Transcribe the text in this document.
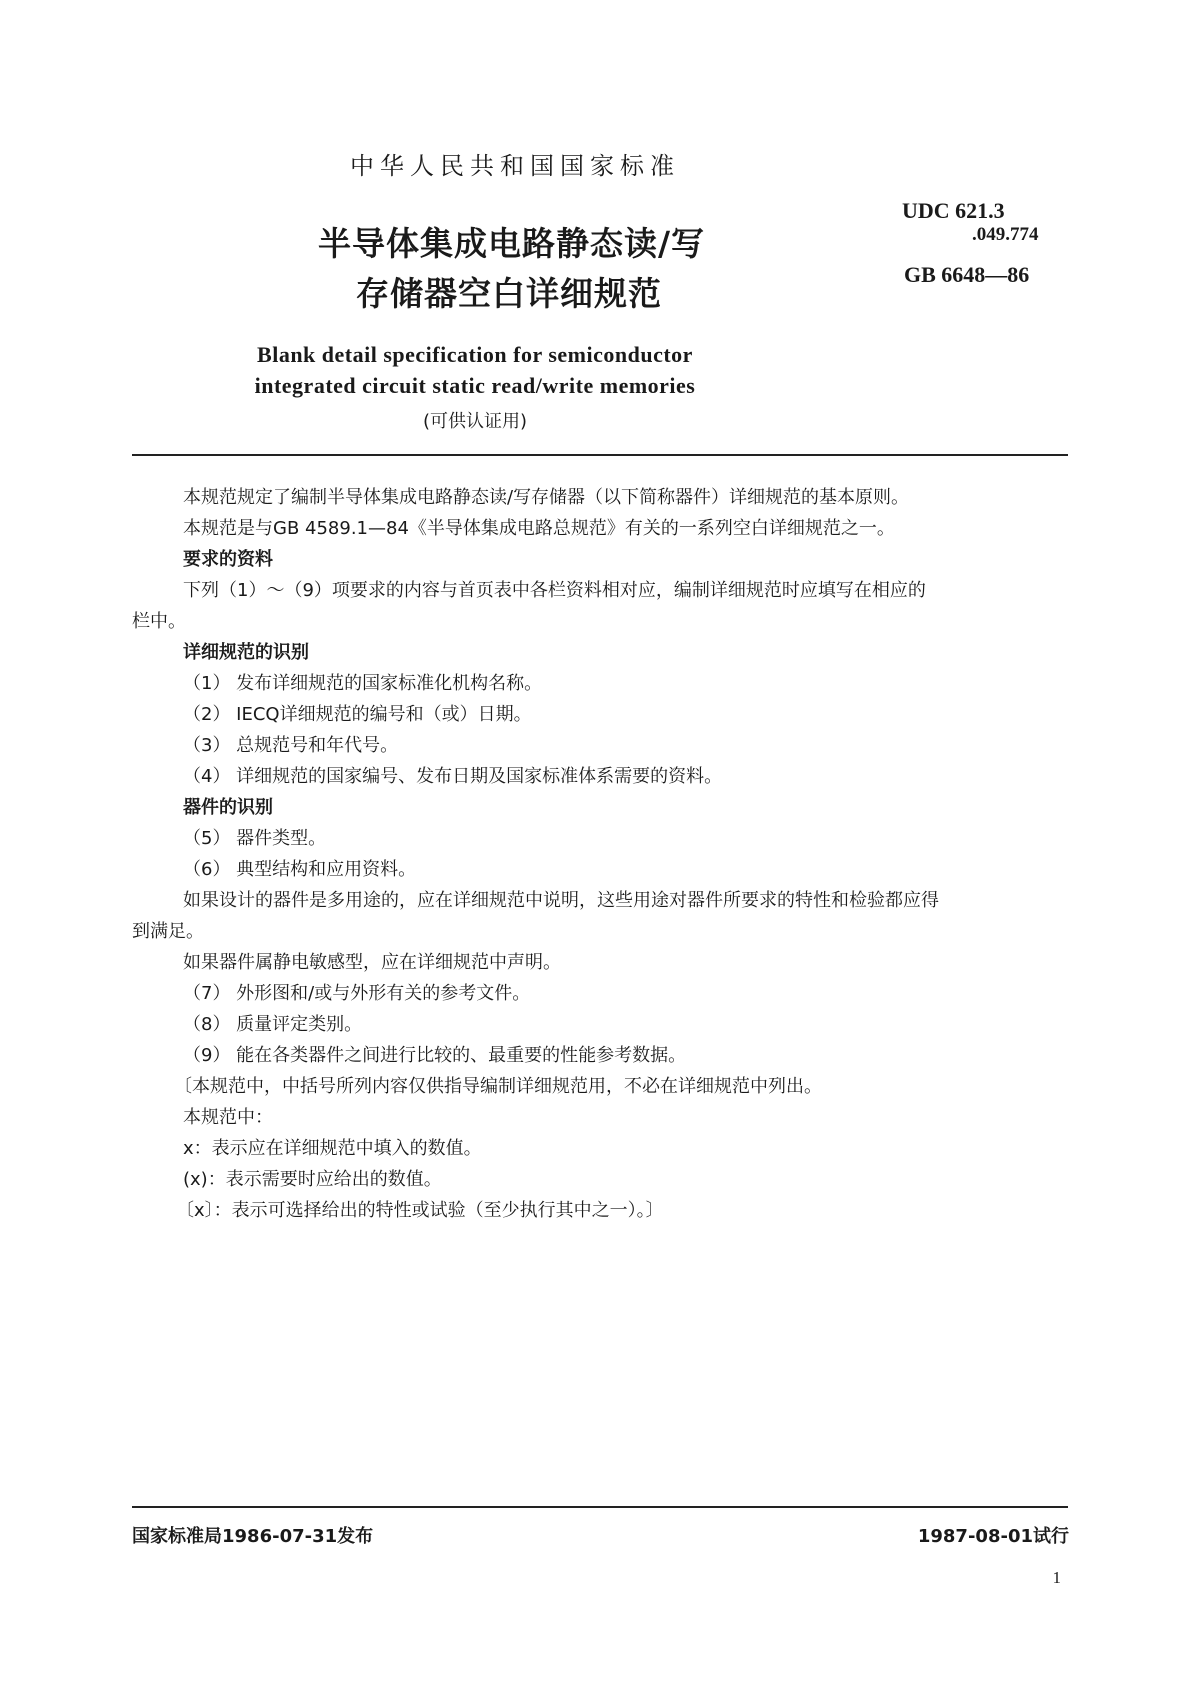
中华人民共和国国家标准
半导体集成电路静态读/写
存储器空白详细规范
UDC 621.3
.049.774
GB 6648—86
Blank detail specification for semiconductor
integrated circuit static read/write memories
(可供认证用)

本规范规定了编制半导体集成电路静态读/写存储器（以下简称器件）详细规范的基本原则。

本规范是与GB 4589.1—84《半导体集成电路总规范》有关的一系列空白详细规范之一。

要求的资料

下列（1）～（9）项要求的内容与首页表中各栏资料相对应，编制详细规范时应填写在相应的

栏中。

详细规范的识别

（1） 发布详细规范的国家标准化机构名称。

（2） IECQ详细规范的编号和（或）日期。

（3） 总规范号和年代号。

（4） 详细规范的国家编号、发布日期及国家标准体系需要的资料。

器件的识别

（5） 器件类型。

（6） 典型结构和应用资料。

如果设计的器件是多用途的，应在详细规范中说明，这些用途对器件所要求的特性和检验都应得

到满足。

如果器件属静电敏感型，应在详细规范中声明。

（7） 外形图和/或与外形有关的参考文件。

（8） 质量评定类别。

（9） 能在各类器件之间进行比较的、最重要的性能参考数据。

〔本规范中，中括号所列内容仅供指导编制详细规范用，不必在详细规范中列出。

本规范中：

x：表示应在详细规范中填入的数值。

(x)：表示需要时应给出的数值。

〔x〕：表示可选择给出的特性或试验（至少执行其中之一）。〕

国家标准局1986-07-31发布	1987-08-01试行
1
